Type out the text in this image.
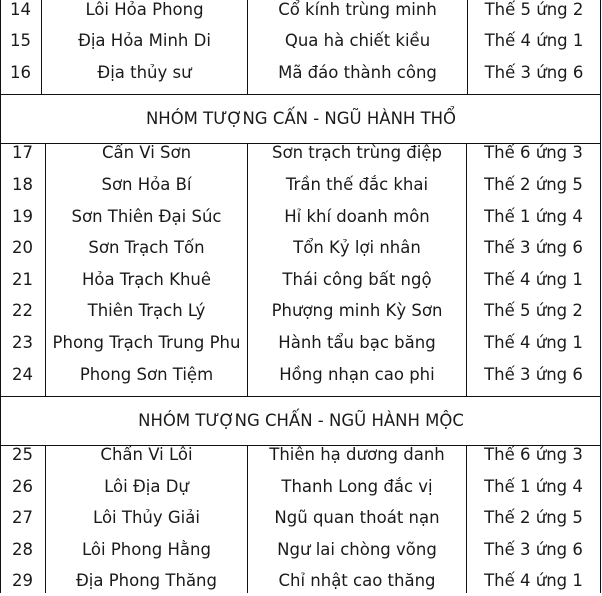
14	Lôi Hỏa Phong	Cổ kính trùng minh	Thế 5 ứng 2
15	Địa Hỏa Minh Di	Qua hà chiết kiều	Thế 4 ứng 1
16	Địa thủy sư	Mã đáo thành công	Thế 3 ứng 6
NHÓM TƯỢNG CẤN - NGŨ HÀNH THỔ
17	Cấn Vi Sơn	Sơn trạch trùng điệp	Thế 6 ứng 3
18	Sơn Hỏa Bí	Trần thế đắc khai	Thế 2 ứng 5
19	Sơn Thiên Đại Súc	Hỉ khí doanh môn	Thế 1 ứng 4
20	Sơn Trạch Tốn	Tổn Kỷ lợi nhân	Thế 3 ứng 6
21	Hỏa Trạch Khuê	Thái công bất ngộ	Thế 4 ứng 1
22	Thiên Trạch Lý	Phượng minh Kỳ Sơn	Thế 5 ứng 2
23	Phong Trạch Trung Phu	Hành tẩu bạc băng	Thế 4 ứng 1
24	Phong Sơn Tiệm	Hồng nhạn cao phi	Thế 3 ứng 6
NHÓM TƯỢNG CHẤN - NGŨ HÀNH MỘC
25	Chấn Vi Lôi	Thiên hạ dương danh	Thế 6 ứng 3
26	Lôi Địa Dự	Thanh Long đắc vị	Thế 1 ứng 4
27	Lôi Thủy Giải	Ngũ quan thoát nạn	Thế 2 ứng 5
28	Lôi Phong Hằng	Ngư lai chòng võng	Thế 3 ứng 6
29	Địa Phong Thăng	Chỉ nhật cao thăng	Thế 4 ứng 1
